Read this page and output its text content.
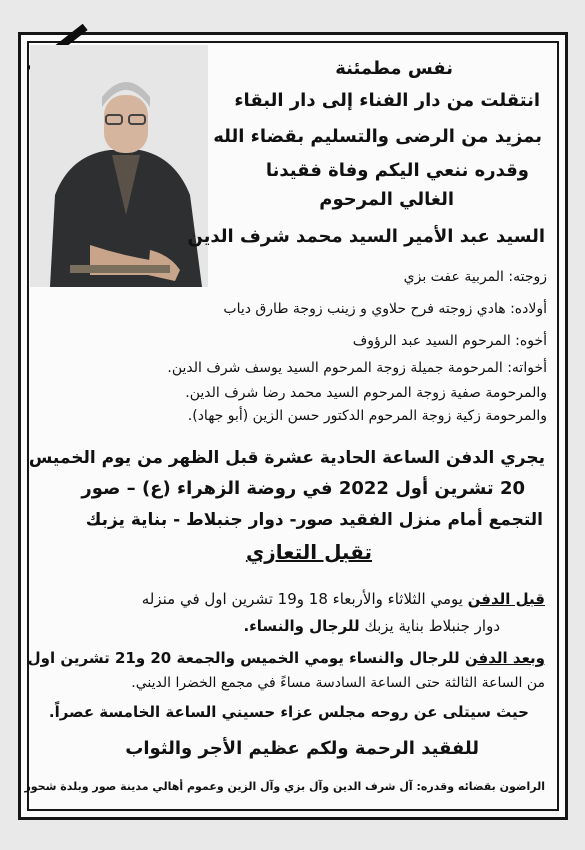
نفس مطمئنة
انتقلت من دار الفناء إلى دار البقاء
بمزيد من الرضى والتسليم بقضاء الله
وقدره ننعي اليكم وفاة فقيدنا
الغالي المرحوم
السيد عبد الأمير السيد محمد شرف الدين
زوجته: المربية عفت بزي
أولاده: هادي زوجته فرح حلاوي و زينب زوجة طارق دياب
أخوه: المرحوم السيد عبد الرؤوف
أخواته: المرحومة جميلة زوجة المرحوم السيد يوسف شرف الدين.
والمرحومة صفية زوجة المرحوم السيد محمد رضا شرف الدين.
والمرحومة زكية زوجة المرحوم الدكتور حسن الزين (أبو جهاد).
يجري الدفن الساعة الحادية عشرة قبل الظهر من يوم الخميس
20 تشرين أول 2022 في روضة الزهراء (ع) – صور
التجمع أمام منزل الفقيد صور- دوار جنبلاط - بناية يزبك
تقبل التعازي
قبل الدفن يومي الثلاثاء والأربعاء 18 و19 تشرين اول في منزله
دوار جنبلاط بناية يزبك للرجال والنساء.
وبعد الدفن للرجال والنساء يومي الخميس والجمعة 20 و21 تشرين اول
من الساعة الثالثة حتى الساعة السادسة مساءً في مجمع الخضرا الديني.
حيث سيتلى عن روحه مجلس عزاء حسيني الساعة الخامسة عصراً.
للفقيد الرحمة ولكم عظيم الأجر والثواب
الراضون بقضائه وقدره: آل شرف الدين وآل بزي وآل الزين وعموم أهالي مدينة صور وبلدة شحور
